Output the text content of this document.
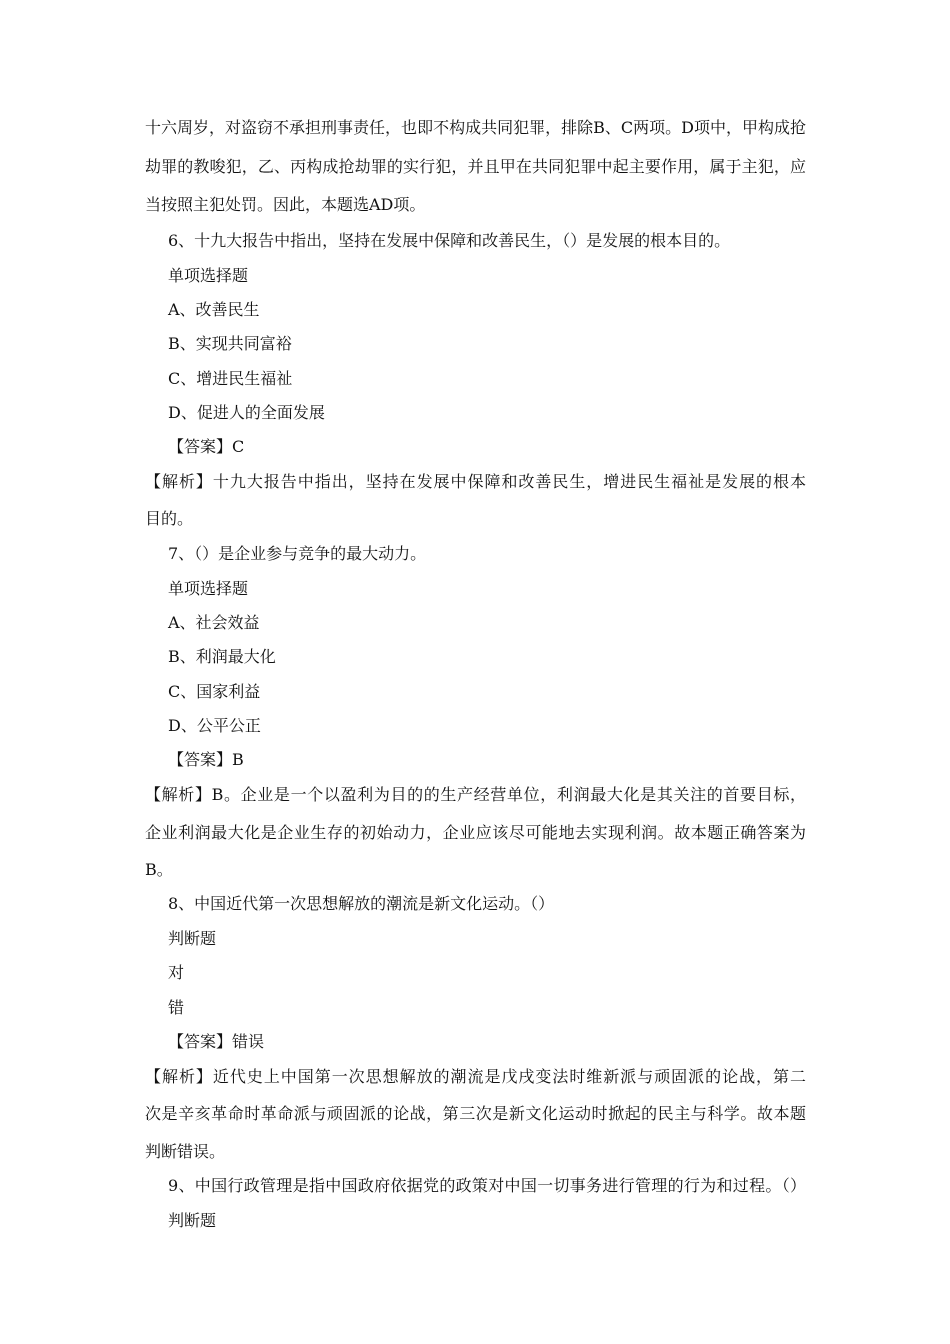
十六周岁，对盗窃不承担刑事责任，也即不构成共同犯罪，排除B、C两项。D项中，甲构成抢
劫罪的教唆犯，乙、丙构成抢劫罪的实行犯，并且甲在共同犯罪中起主要作用，属于主犯，应
当按照主犯处罚。因此，本题选AD项。
6、十九大报告中指出，坚持在发展中保障和改善民生，（）是发展的根本目的。
单项选择题
A、改善民生
B、实现共同富裕
C、增进民生福祉
D、促进人的全面发展
【答案】C
【解析】十九大报告中指出，坚持在发展中保障和改善民生，增进民生福祉是发展的根本
目的。
7、（）是企业参与竞争的最大动力。
单项选择题
A、社会效益
B、利润最大化
C、国家利益
D、公平公正
【答案】B
【解析】B。企业是一个以盈利为目的的生产经营单位，利润最大化是其关注的首要目标，
企业利润最大化是企业生存的初始动力，企业应该尽可能地去实现利润。故本题正确答案为
B。
8、中国近代第一次思想解放的潮流是新文化运动。（）
判断题
对
错
【答案】错误
【解析】近代史上中国第一次思想解放的潮流是戊戌变法时维新派与顽固派的论战，第二
次是辛亥革命时革命派与顽固派的论战，第三次是新文化运动时掀起的民主与科学。故本题
判断错误。
9、中国行政管理是指中国政府依据党的政策对中国一切事务进行管理的行为和过程。（）
判断题
